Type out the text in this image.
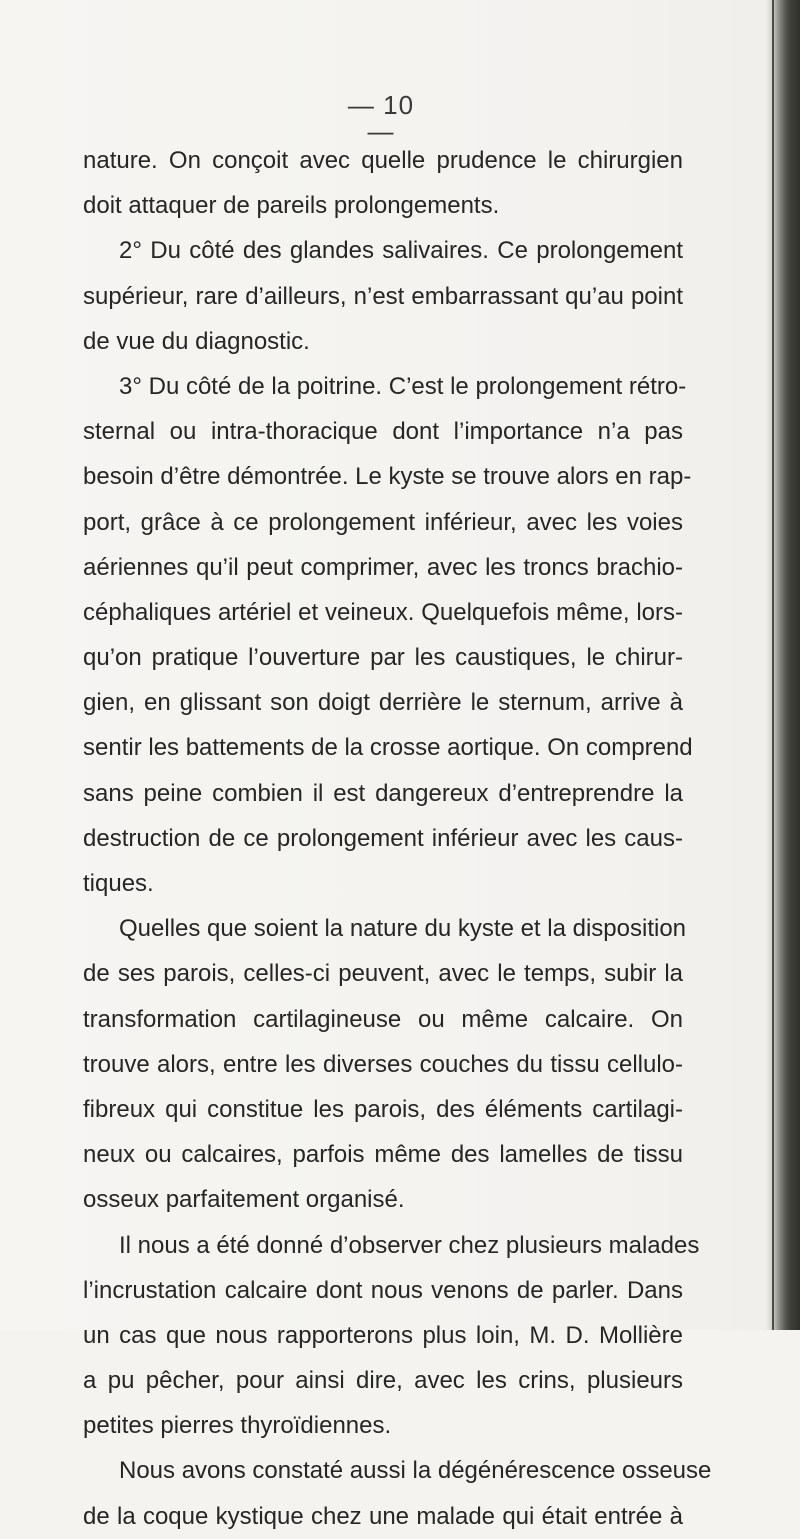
— 10 —
nature. On conçoit avec quelle prudence le chirurgien
doit attaquer de pareils prolongements.
2° Du côté des glandes salivaires. Ce prolongement
supérieur, rare d’ailleurs, n’est embarrassant qu’au point
de vue du diagnostic.
3° Du côté de la poitrine. C’est le prolongement rétro-
sternal ou intra-thoracique dont l’importance n’a pas
besoin d’être démontrée. Le kyste se trouve alors en rap-
port, grâce à ce prolongement inférieur, avec les voies
aériennes qu’il peut comprimer, avec les troncs brachio-
céphaliques artériel et veineux. Quelquefois même, lors-
qu’on pratique l’ouverture par les caustiques, le chirur-
gien, en glissant son doigt derrière le sternum, arrive à
sentir les battements de la crosse aortique. On comprend
sans peine combien il est dangereux d’entreprendre la
destruction de ce prolongement inférieur avec les caus-
tiques.
Quelles que soient la nature du kyste et la disposition
de ses parois, celles-ci peuvent, avec le temps, subir la
transformation cartilagineuse ou même calcaire. On
trouve alors, entre les diverses couches du tissu cellulo-
fibreux qui constitue les parois, des éléments cartilagi-
neux ou calcaires, parfois même des lamelles de tissu
osseux parfaitement organisé.
Il nous a été donné d’observer chez plusieurs malades
l’incrustation calcaire dont nous venons de parler. Dans
un cas que nous rapporterons plus loin, M. D. Mollière
a pu pêcher, pour ainsi dire, avec les crins, plusieurs
petites pierres thyroïdiennes.
Nous avons constaté aussi la dégénérescence osseuse
de la coque kystique chez une malade qui était entrée à
